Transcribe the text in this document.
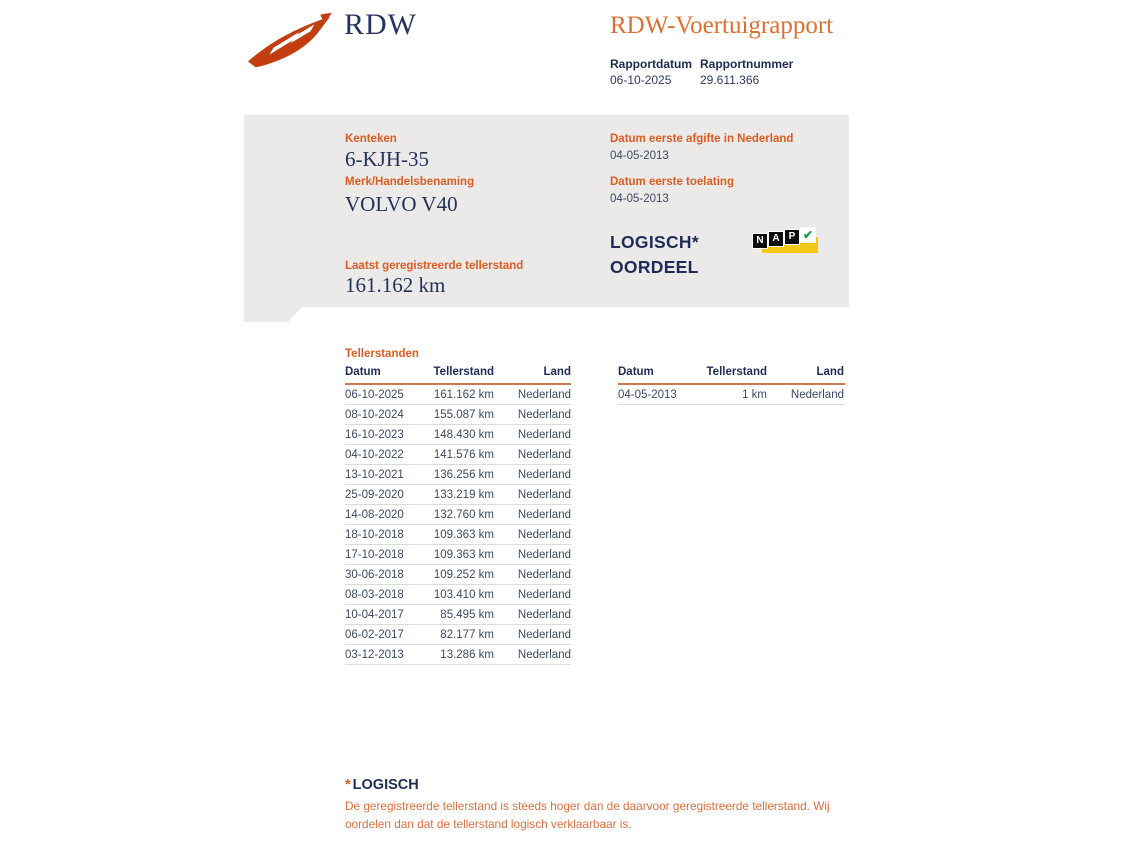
RDW	RDW-Voertuigrapport
Rapportdatum Rapportnummer
06-10-2025 29.611.366
Kenteken
6-KJH-35
Merk/Handelsbenaming
VOLVO V40
Laatst geregistreerde tellerstand
161.162 km
Datum eerste afgifte in Nederland
04-05-2013
Datum eerste toelating
04-05-2013
LOGISCH*
OORDEEL
N A P ✔
Tellerstanden
Datum	Tellerstand	Land
06-10-2025	161.162 km	Nederland
08-10-2024	155.087 km	Nederland
16-10-2023	148.430 km	Nederland
04-10-2022	141.576 km	Nederland
13-10-2021	136.256 km	Nederland
25-09-2020	133.219 km	Nederland
14-08-2020	132.760 km	Nederland
18-10-2018	109.363 km	Nederland
17-10-2018	109.363 km	Nederland
30-06-2018	109.252 km	Nederland
08-03-2018	103.410 km	Nederland
10-04-2017	85.495 km	Nederland
06-02-2017	82.177 km	Nederland
03-12-2013	13.286 km	Nederland
Datum	Tellerstand	Land
04-05-2013	1 km	Nederland
* LOGISCH
De geregistreerde tellerstand is steeds hoger dan de daarvoor geregistreerde tellerstand. Wij oordelen dan dat de tellerstand logisch verklaarbaar is.
